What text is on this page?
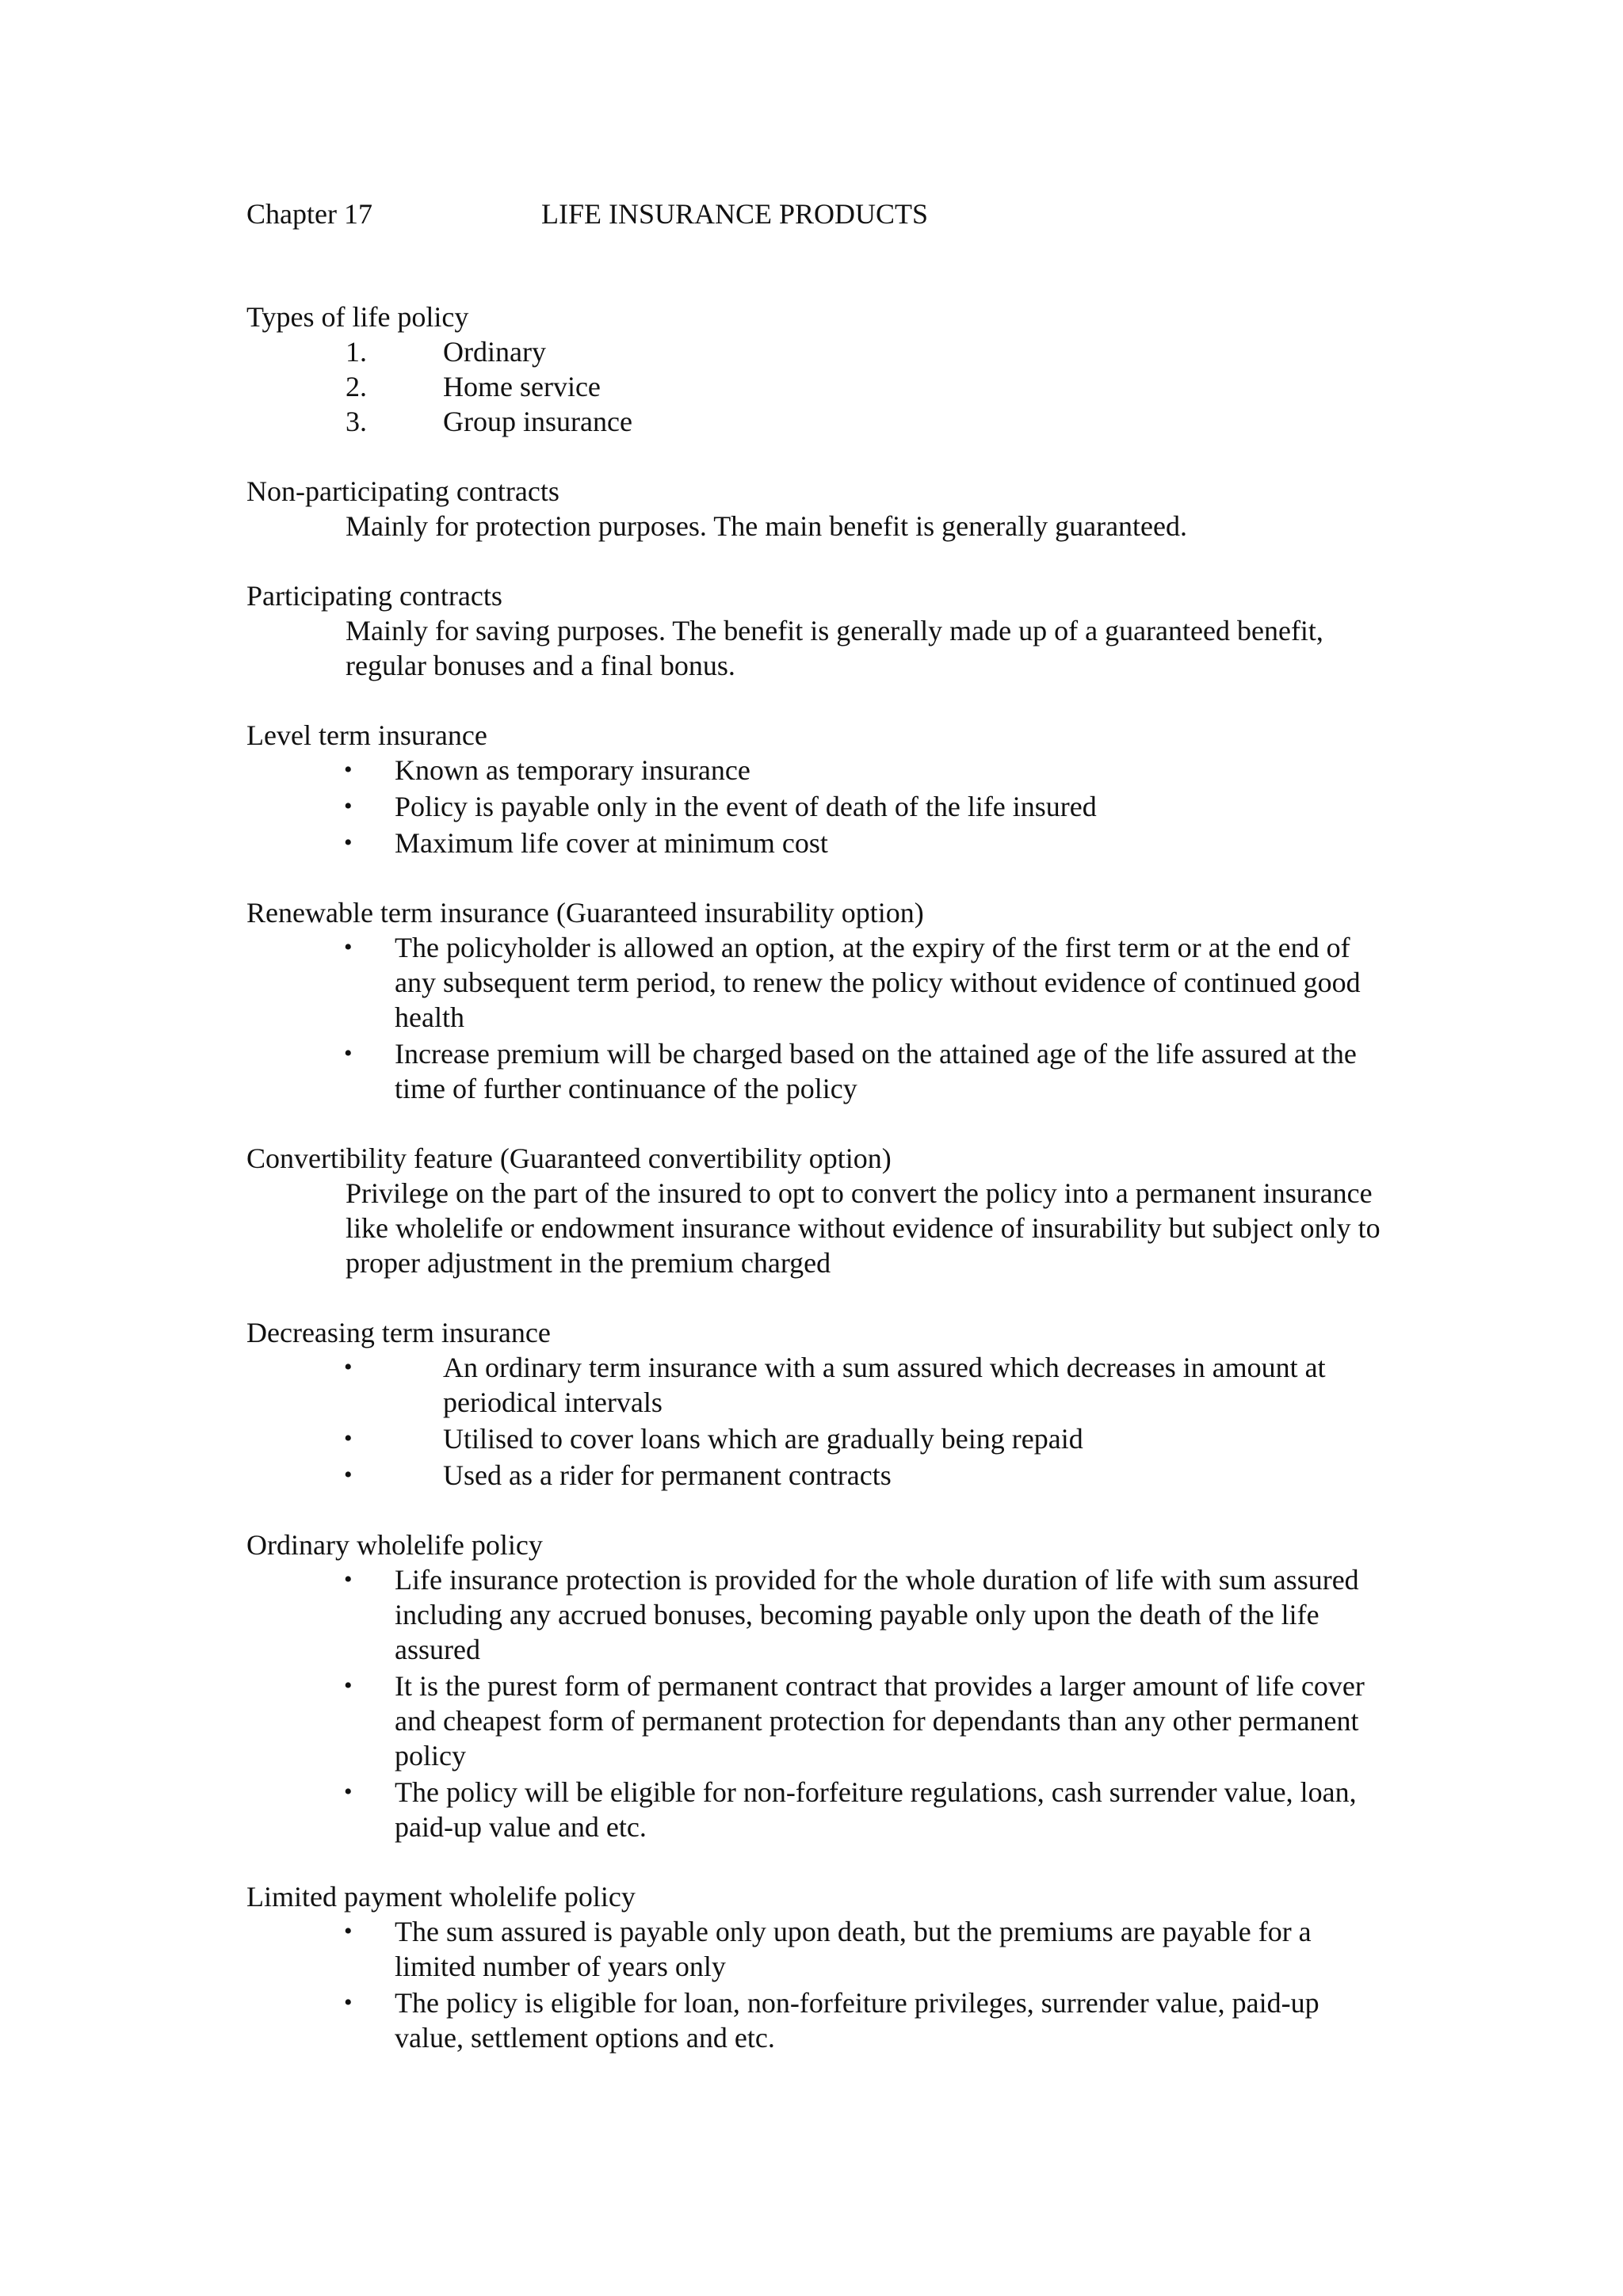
Chapter 17	LIFE INSURANCE PRODUCTS

Types of life policy

1.	Ordinary
2.	Home service
3.	Group insurance

Non-participating contracts

Mainly for protection purposes. The main benefit is generally guaranteed.

Participating contracts

Mainly for saving purposes. The benefit is generally made up of a guaranteed benefit, regular bonuses and a final bonus.

Level term insurance

• Known as temporary insurance
• Policy is payable only in the event of death of the life insured
• Maximum life cover at minimum cost

Renewable term insurance (Guaranteed insurability option)

• The policyholder is allowed an option, at the expiry of the first term or at the end of any subsequent term period, to renew the policy without evidence of continued good health
• Increase premium will be charged based on the attained age of the life assured at the time of further continuance of the policy

Convertibility feature (Guaranteed convertibility option)

Privilege on the part of the insured to opt to convert the policy into a permanent insurance like wholelife or endowment insurance without evidence of insurability but subject only to proper adjustment in the premium charged

Decreasing term insurance

•	An ordinary term insurance with a sum assured which decreases in amount at periodical intervals
•	Utilised to cover loans which are gradually being repaid
•	Used as a rider for permanent contracts

Ordinary wholelife policy

• Life insurance protection is provided for the whole duration of life with sum assured including any accrued bonuses, becoming payable only upon the death of the life assured
• It is the purest form of permanent contract that provides a larger amount of life cover and cheapest form of permanent protection for dependants than any other permanent policy
• The policy will be eligible for non-forfeiture regulations, cash surrender value, loan, paid-up value and etc.

Limited payment wholelife policy

• The sum assured is payable only upon death, but the premiums are payable for a limited number of years only
• The policy is eligible for loan, non-forfeiture privileges, surrender value, paid-up value, settlement options and etc.
